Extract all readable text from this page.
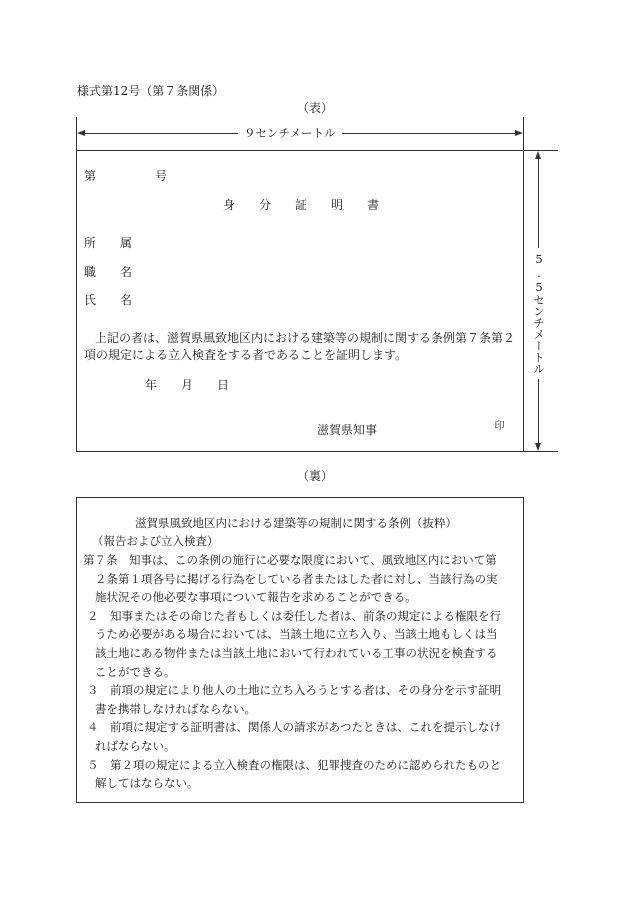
様式第12号（第７条関係）
（表）
９センチメートル
第	号
身　　分　　証　　明　　書
所　　属
職　　名
氏　　名
上記の者は、滋賀県風致地区内における建築等の規制に関する条例第７条第２
項の規定による立入検査をする者であることを証明します。
年　　月　　日
滋賀県知事	印
5.5センチメートル
（裏）
滋賀県風致地区内における建築等の規制に関する条例（抜粋）
（報告および立入検査）
第７条　知事は、この条例の施行に必要な限度において、風致地区内において第
２条第１項各号に掲げる行為をしている者またはした者に対し、当該行為の実
施状況その他必要な事項について報告を求めることができる。
２　知事またはその命じた者もしくは委任した者は、前条の規定による権限を行
うため必要がある場合においては、当該土地に立ち入り、当該土地もしくは当
該土地にある物件または当該土地において行われている工事の状況を検査する
ことができる。
３　前項の規定により他人の土地に立ち入ろうとする者は、その身分を示す証明
書を携帯しなければならない。
４　前項に規定する証明書は、関係人の請求があつたときは、これを提示しなけ
ればならない。
５　第２項の規定による立入検査の権限は、犯罪捜査のために認められたものと
解してはならない。
